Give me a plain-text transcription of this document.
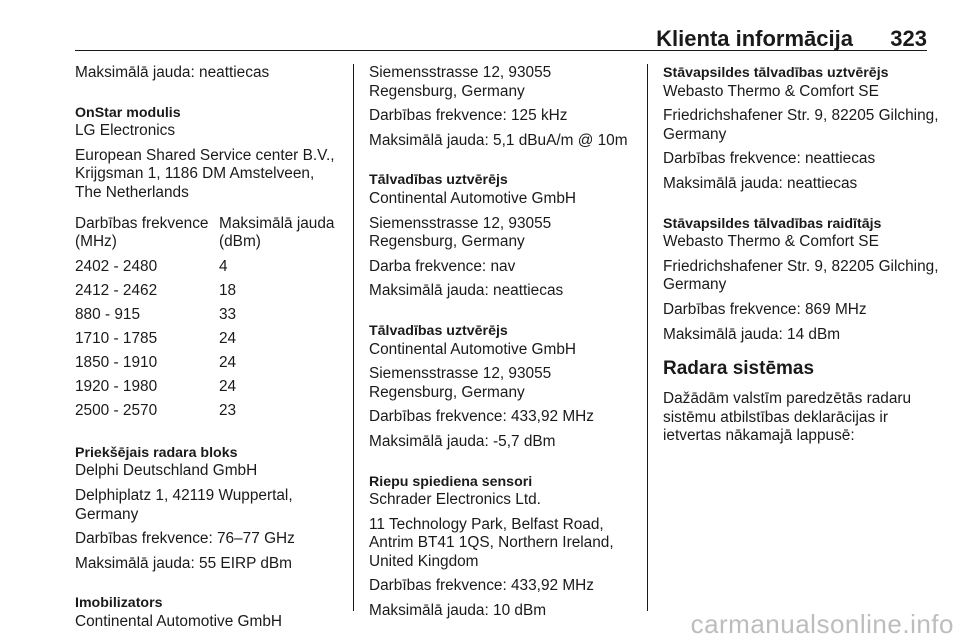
Klienta informācija 323

Maksimālā jauda: neattiecas

OnStar modulis

LG Electronics

European Shared Service center B.V., Krijgsman 1, 1186 DM Amstelveen, The Netherlands

Darbības frekvence (MHz)	Maksimālā jauda (dBm)
2402 - 2480	4
2412 - 2462	18
880 - 915	33
1710 - 1785	24
1850 - 1910	24
1920 - 1980	24
2500 - 2570	23
Priekšējais radara bloks

Delphi Deutschland GmbH

Delphiplatz 1, 42119 Wuppertal, Germany

Darbības frekvence: 76–77 GHz

Maksimālā jauda: 55 EIRP dBm

Imobilizators

Continental Automotive GmbH

Siemensstrasse 12, 93055 Regensburg, Germany

Darbības frekvence: 125 kHz

Maksimālā jauda: 5,1 dBuA/m @ 10m

Tālvadības uztvērējs

Continental Automotive GmbH

Siemensstrasse 12, 93055 Regensburg, Germany

Darba frekvence: nav

Maksimālā jauda: neattiecas

Tālvadības uztvērējs

Continental Automotive GmbH

Siemensstrasse 12, 93055 Regensburg, Germany

Darbības frekvence: 433,92 MHz

Maksimālā jauda: -5,7 dBm

Riepu spiediena sensori

Schrader Electronics Ltd.

11 Technology Park, Belfast Road, Antrim BT41 1QS, Northern Ireland, United Kingdom

Darbības frekvence: 433,92 MHz

Maksimālā jauda: 10 dBm

Stāvapsildes tālvadības uztvērējs

Webasto Thermo & Comfort SE

Friedrichshafener Str. 9, 82205 Gilching, Germany

Darbības frekvence: neattiecas

Maksimālā jauda: neattiecas

Stāvapsildes tālvadības raidītājs

Webasto Thermo & Comfort SE

Friedrichshafener Str. 9, 82205 Gilching, Germany

Darbības frekvence: 869 MHz

Maksimālā jauda: 14 dBm

Radara sistēmas

Dažādām valstīm paredzētās radaru sistēmu atbilstības deklarācijas ir ietvertas nākamajā lappusē:

carmanualsonline.info
